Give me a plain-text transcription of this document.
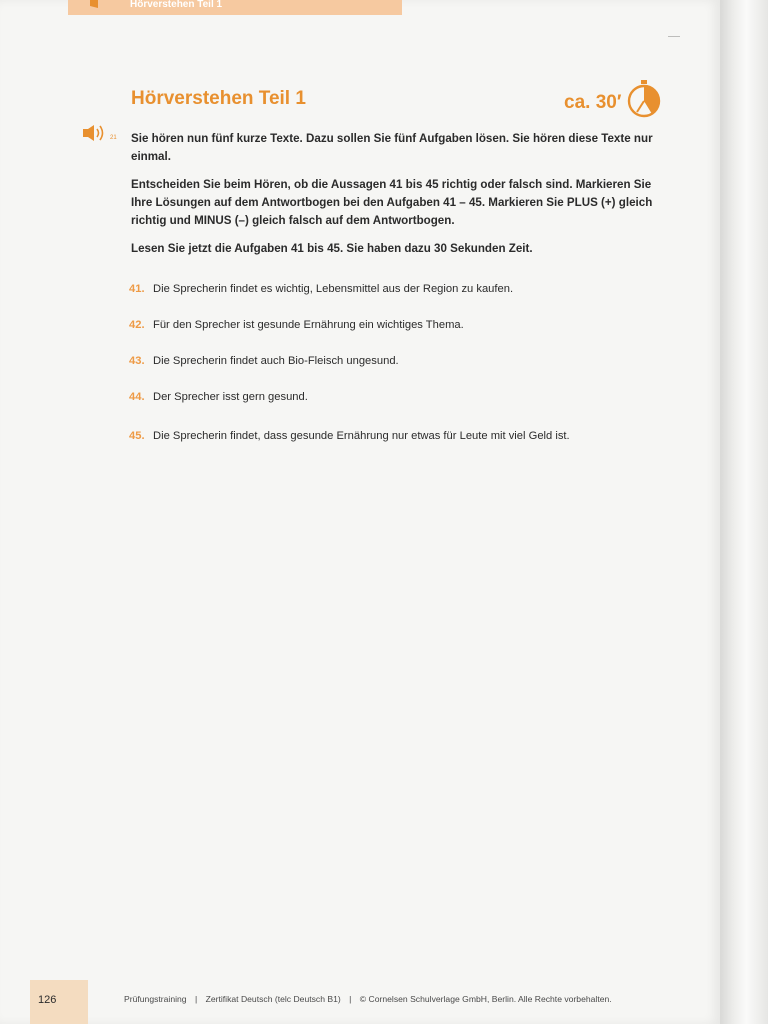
Hörverstehen Teil 1
Hörverstehen Teil 1	ca. 30′
21 Sie hören nun fünf kurze Texte. Dazu sollen Sie fünf Aufgaben lösen. Sie hören diese Texte nur einmal.

Entscheiden Sie beim Hören, ob die Aussagen 41 bis 45 richtig oder falsch sind. Markieren Sie Ihre Lösungen auf dem Antwortbogen bei den Aufgaben 41 – 45. Markieren Sie PLUS (+) gleich richtig und MINUS (–) gleich falsch auf dem Antwortbogen.

Lesen Sie jetzt die Aufgaben 41 bis 45. Sie haben dazu 30 Sekunden Zeit.

41. Die Sprecherin findet es wichtig, Lebensmittel aus der Region zu kaufen.
42. Für den Sprecher ist gesunde Ernährung ein wichtiges Thema.
43. Die Sprecherin findet auch Bio-Fleisch ungesund.
44. Der Sprecher isst gern gesund.
45. Die Sprecherin findet, dass gesunde Ernährung nur etwas für Leute mit viel Geld ist.
126	Prüfungstraining | Zertifikat Deutsch (telc Deutsch B1) | © Cornelsen Schulverlage GmbH, Berlin. Alle Rechte vorbehalten.
